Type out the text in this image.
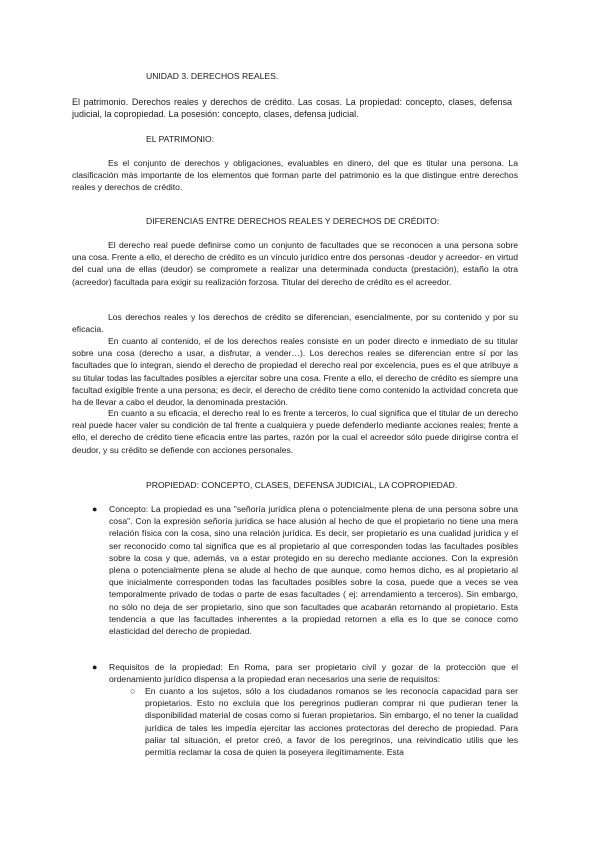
UNIDAD 3. DERECHOS REALES.

El patrimonio. Derechos reales y derechos de crédito. Las cosas. La propiedad: concepto, clases, defensa judicial, la copropiedad. La posesión: concepto, clases, defensa judicial.

EL PATRIMONIO:

Es el conjunto de derechos y obligaciones, evaluables en dinero, del que es titular una persona. La clasificación más importante de los elementos que forman parte del patrimonio es la que distingue entre derechos reales y derechos de crédito.

DIFERENCIAS ENTRE DERECHOS REALES Y DERECHOS DE CRÉDITO:

El derecho real puede definirse como un conjunto de facultades que se reconocen a una persona sobre una cosa. Frente a ello, el derecho de crédito es un vínculo jurídico entre dos personas -deudor y acreedor- en virtud del cual una de ellas (deudor) se compromete a realizar una determinada conducta (prestación), estaño la otra (acreedor) facultada para exigir su realización forzosa. Titular del derecho de crédito es el acreedor.

Los derechos reales y los derechos de crédito se diferencian, esencialmente, por su contenido y por su eficacia.

En cuanto al contenido, el de los derechos reales consiste en un poder directo e inmediato de su titular sobre una cosa (derecho a usar, a disfrutar, a vender…). Los derechos reales se diferencian entre sí por las facultades que lo integran, siendo el derecho de propiedad el derecho real por excelencia, pues es el que atribuye a su titular todas las facultades posibles a ejercitar sobre una cosa. Frente a ello, el derecho de crédito es siempre una facultad exigible frente a una persona; es decir, el derecho de crédito tiene como contenido la actividad concreta que ha de llevar a cabo el deudor, la denominada prestación.

En cuanto a su eficacia, el derecho real lo es frente a terceros, lo cual significa que el titular de un derecho real puede hacer valer su condición de tal frente a cualquiera y puede defenderlo mediante acciones reales; frente a ello, el derecho de crédito tiene eficacia entre las partes, razón por la cual el acreedor sólo puede dirigirse contra el deudor, y su crédito se defiende con acciones personales.

PROPIEDAD: CONCEPTO, CLASES, DEFENSA JUDICIAL, LA COPROPIEDAD.

● Concepto: La propiedad es una "señoría jurídica plena o potencialmente plena de una persona sobre una cosa". Con la expresión señoría jurídica se hace alusión al hecho de que el propietario no tiene una mera relación física con la cosa, sino una relación jurídica. Es decir, ser propietario es una cualidad jurídica y el ser reconocido como tal significa que es al propietario al que corresponden todas las facultades posibles sobre la cosa y que, además, va a estar protegido en su derecho mediante acciones. Con la expresión plena o potencialmente plena se alude al hecho de que aunque, como hemos dicho, es al propietario al que inicialmente corresponden todas las facultades posibles sobre la cosa, puede que a veces se vea temporalmente privado de todas o parte de esas facultades ( ej: arrendamiento a terceros). Sin embargo, no sólo no deja de ser propietario, sino que son facultades que acabarán retornando al propietario. Esta tendencia a que las facultades inherentes a la propiedad retornen a ella es lo que se conoce como elasticidad del derecho de propiedad.

● Requisitos de la propiedad: En Roma, para ser propietario civil y gozar de la protección que el ordenamiento jurídico dispensa a la propiedad eran necesarios una serie de requisitos:

○ En cuanto a los sujetos, sólo a los ciudadanos romanos se les reconocía capacidad para ser propietarios. Esto no excluía que los peregrinos pudieran comprar ni que pudieran tener la disponibilidad material de cosas como si fueran propietarios. Sin embargo, el no tener la cualidad jurídica de tales les impedía ejercitar las acciones protectoras del derecho de propiedad. Para paliar tal situación, el pretor creó, a favor de los peregrinos, una reivindicatio utilis que les permitía reclamar la cosa de quien la poseyera ilegítimamente. Esta
